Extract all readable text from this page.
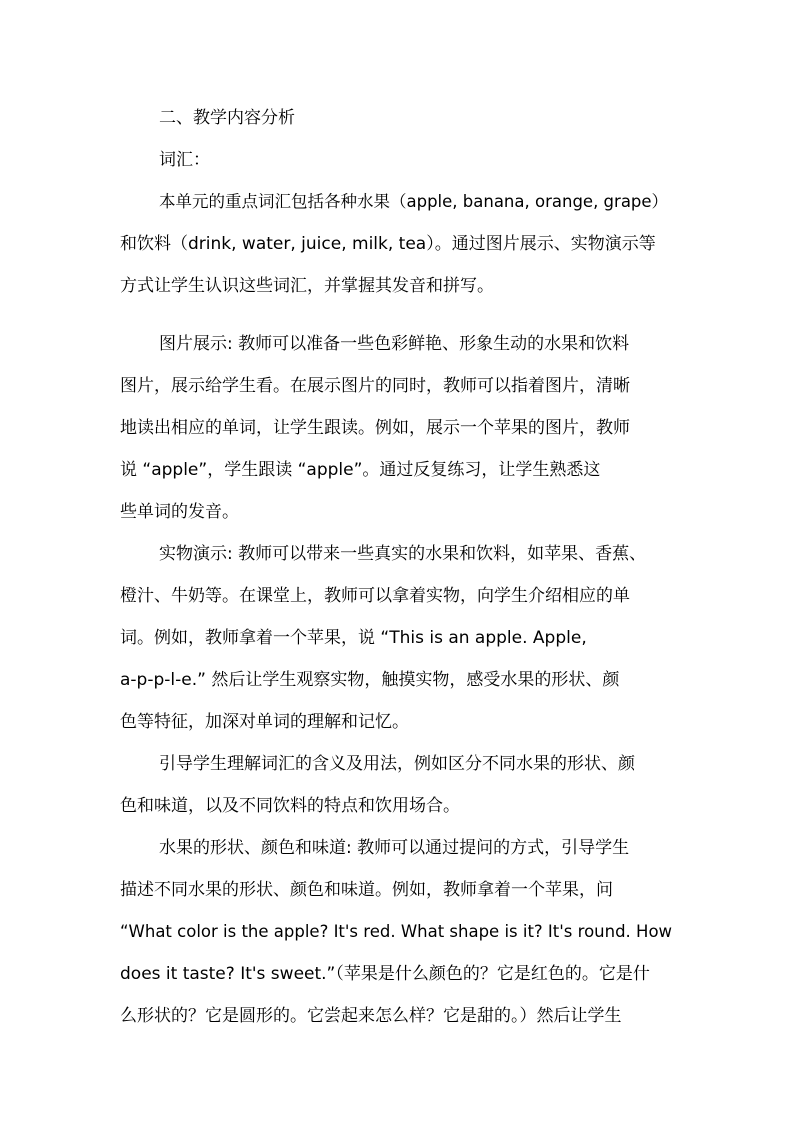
二、教学内容分析
词汇：
本单元的重点词汇包括各种水果（apple, banana, orange, grape）
和饮料（drink, water, juice, milk, tea）。通过图片展示、实物演示等
方式让学生认识这些词汇，并掌握其发音和拼写。
图片展示: 教师可以准备一些色彩鲜艳、形象生动的水果和饮料
图片，展示给学生看。在展示图片的同时，教师可以指着图片，清晰
地读出相应的单词，让学生跟读。例如，展示一个苹果的图片，教师
说 “apple”，学生跟读 “apple”。通过反复练习，让学生熟悉这
些单词的发音。
实物演示: 教师可以带来一些真实的水果和饮料，如苹果、香蕉、
橙汁、牛奶等。在课堂上，教师可以拿着实物，向学生介绍相应的单
词。例如，教师拿着一个苹果，说 “This is an apple. Apple,
a-p-p-l-e.” 然后让学生观察实物，触摸实物，感受水果的形状、颜
色等特征，加深对单词的理解和记忆。
引导学生理解词汇的含义及用法，例如区分不同水果的形状、颜
色和味道，以及不同饮料的特点和饮用场合。
水果的形状、颜色和味道: 教师可以通过提问的方式，引导学生
描述不同水果的形状、颜色和味道。例如，教师拿着一个苹果，问
“What color is the apple? It's red. What shape is it? It's round. How
does it taste? It's sweet.”（苹果是什么颜色的？它是红色的。它是什
么形状的？它是圆形的。它尝起来怎么样？它是甜的。）然后让学生
